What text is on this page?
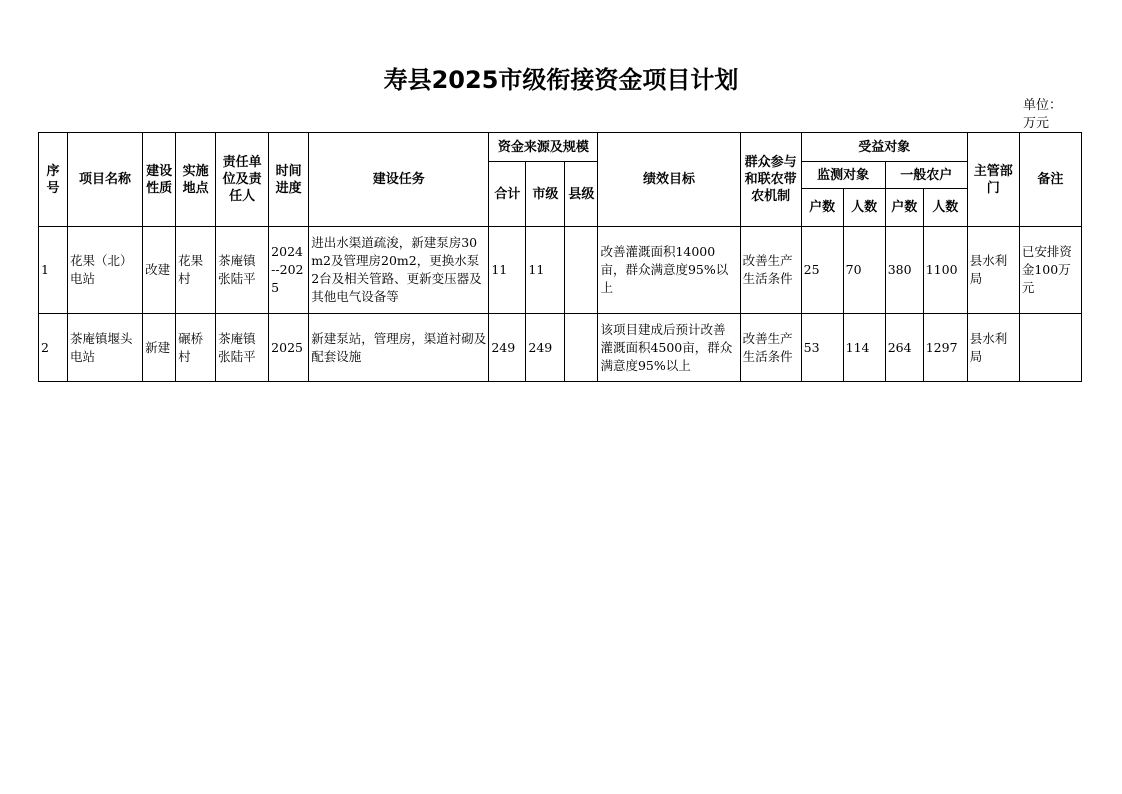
寿县2025市级衔接资金项目计划
单位：万元
序号	项目名称	建设性质	实施地点	责任单位及责任人	时间进度	建设任务	资金来源及规模			绩效目标	群众参与和联农带农机制	受益对象				主管部门	备注
							合计	市级	县级			监测对象		一般农户			
												户数	人数	户数	人数		
1	花果（北）电站	改建	花果村	茶庵镇张陆平	2024--2025	进出水渠道疏浚，新建泵房30m2及管理房20m2，更换水泵2台及相关管路、更新变压器及其他电气设备等	11	11		改善灌溉面积14000亩，群众满意度95%以上	改善生产生活条件	25	70	380	1100	县水利局	已安排资金100万元
2	茶庵镇堰头电站	新建	碾桥村	茶庵镇张陆平	2025	新建泵站，管理房，渠道衬砌及配套设施	249	249		该项目建成后预计改善灌溉面积4500亩，群众满意度95%以上	改善生产生活条件	53	114	264	1297	县水利局	
